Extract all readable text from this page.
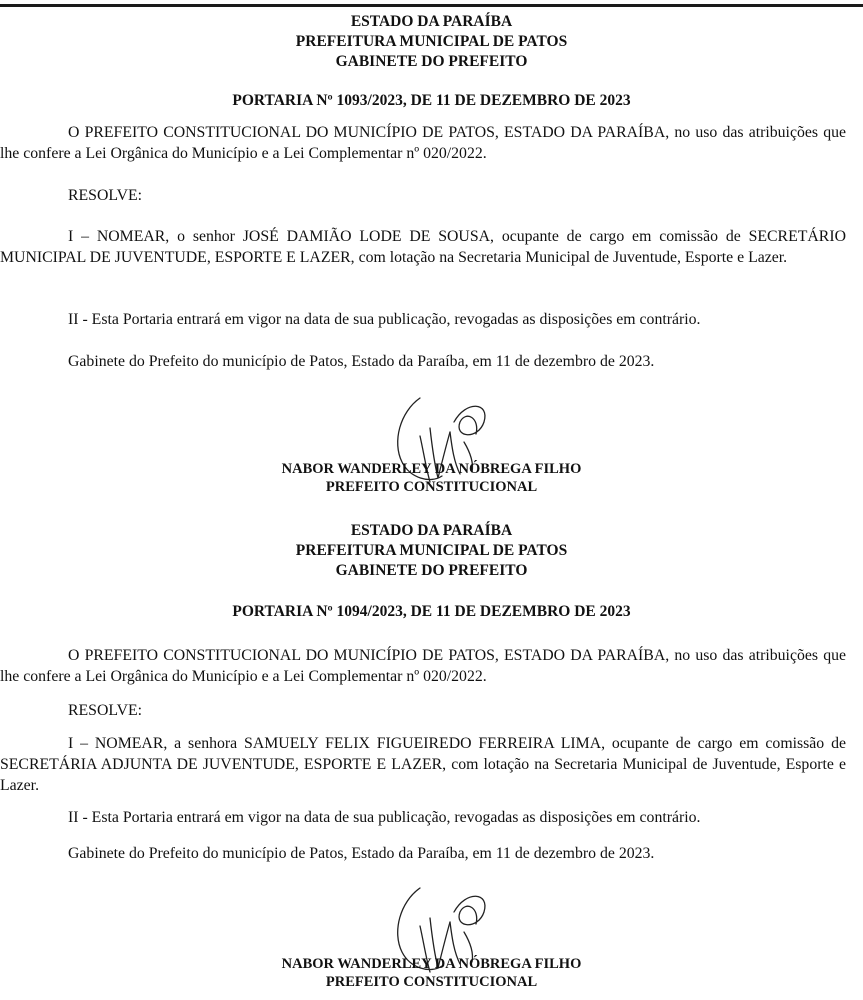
ESTADO DA PARAÍBA
PREFEITURA MUNICIPAL DE PATOS
GABINETE DO PREFEITO
PORTARIA Nº 1093/2023, DE 11 DE DEZEMBRO DE 2023
O PREFEITO CONSTITUCIONAL DO MUNICÍPIO DE PATOS, ESTADO DA PARAÍBA, no uso das atribuições que lhe confere a Lei Orgânica do Município e a Lei Complementar nº 020/2022.
RESOLVE:
I – NOMEAR, o senhor JOSÉ DAMIÃO LODE DE SOUSA, ocupante de cargo em comissão de SECRETÁRIO MUNICIPAL DE JUVENTUDE, ESPORTE E LAZER, com lotação na Secretaria Municipal de Juventude, Esporte e Lazer.
II - Esta Portaria entrará em vigor na data de sua publicação, revogadas as disposições em contrário.
Gabinete do Prefeito do município de Patos, Estado da Paraíba, em 11 de dezembro de 2023.
NABOR WANDERLEY DA NÓBREGA FILHO
PREFEITO CONSTITUCIONAL
ESTADO DA PARAÍBA
PREFEITURA MUNICIPAL DE PATOS
GABINETE DO PREFEITO
PORTARIA Nº 1094/2023, DE 11 DE DEZEMBRO DE 2023
O PREFEITO CONSTITUCIONAL DO MUNICÍPIO DE PATOS, ESTADO DA PARAÍBA, no uso das atribuições que lhe confere a Lei Orgânica do Município e a Lei Complementar nº 020/2022.
RESOLVE:
I – NOMEAR, a senhora SAMUELY FELIX FIGUEIREDO FERREIRA LIMA, ocupante de cargo em comissão de SECRETÁRIA ADJUNTA DE JUVENTUDE, ESPORTE E LAZER, com lotação na Secretaria Municipal de Juventude, Esporte e Lazer.
II - Esta Portaria entrará em vigor na data de sua publicação, revogadas as disposições em contrário.
Gabinete do Prefeito do município de Patos, Estado da Paraíba, em 11 de dezembro de 2023.
NABOR WANDERLEY DA NÓBREGA FILHO
PREFEITO CONSTITUCIONAL
